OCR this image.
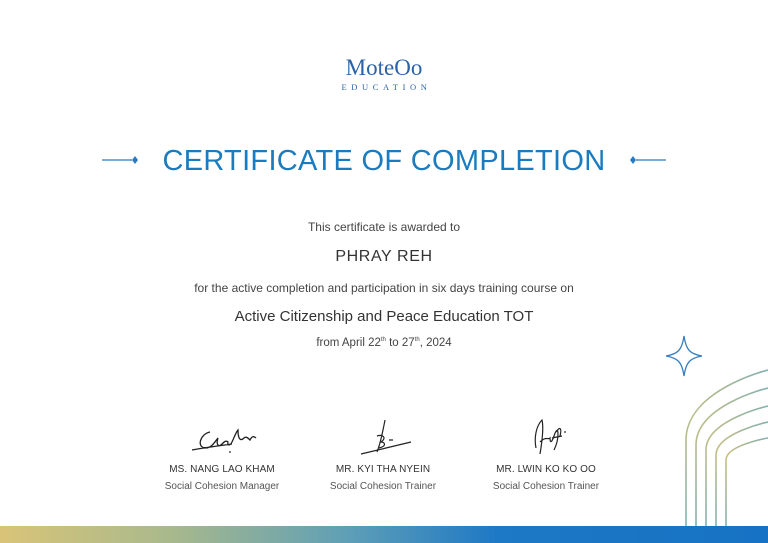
MoteOo
EDUCATION
CERTIFICATE OF COMPLETION
This certificate is awarded to
PHRAY REH
for the active completion and participation in six days training course on
Active Citizenship and Peace Education TOT
from April 22th to 27th, 2024
MS. NANG LAO KHAM
Social Cohesion Manager
MR. KYI THA NYEIN
Social Cohesion Trainer
MR. LWIN KO KO OO
Social Cohesion Trainer
